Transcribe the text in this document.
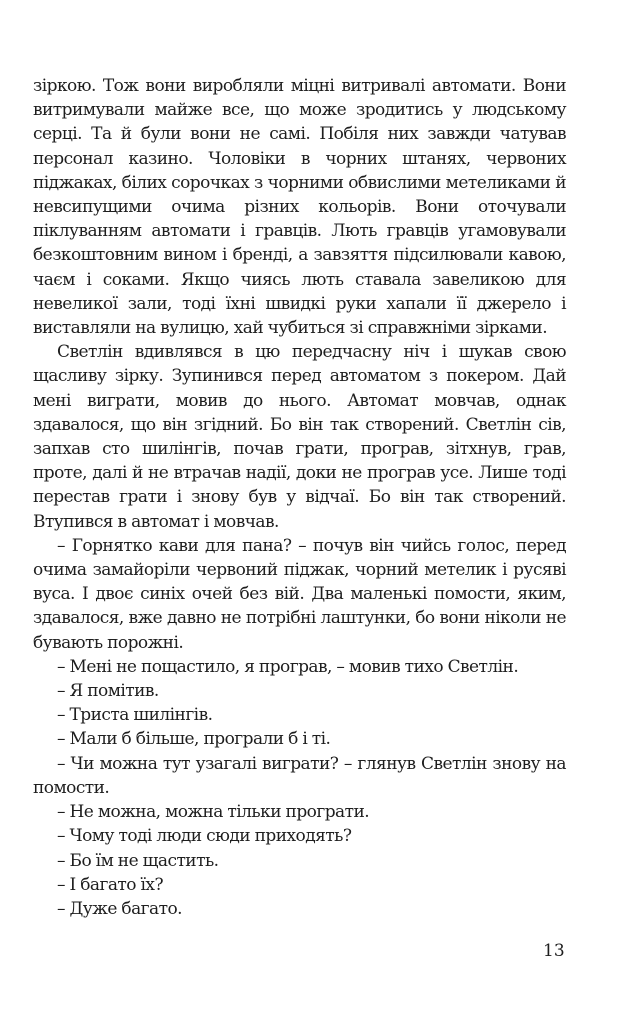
зіркою. Тож вони виробляли міцні витривалі автомати. Вони витримували майже все, що може зродитись у людському серці. Та й були вони не самі. Побіля них завжди чатував персонал казино. Чоловіки в чорних штанях, червоних піджаках, білих сорочках з чорними обвислими метеликами й невсипущими очима різних кольорів. Вони оточували піклуванням автомати і гравців. Лють гравців угамовували безкоштовним вином і бренді, а завзяття підсилювали кавою, чаєм і соками. Якщо чиясь лють ставала завеликою для невеликої зали, тоді їхні швидкі руки хапали її джерело і виставляли на вулицю, хай чубиться зі справжніми зірками.

Светлін вдивлявся в цю передчасну ніч і шукав свою щасливу зірку. Зупинився перед автоматом з покером. Дай мені виграти, мовив до нього. Автомат мовчав, однак здавалося, що він згідний. Бо він так створений. Светлін сів, запхав сто шилінгів, почав грати, програв, зітхнув, грав, проте, далі й не втрачав надії, доки не програв усе. Лише тоді перестав грати і знову був у відчаї. Бо він так створений. Втупився в автомат і мовчав.

– Горнятко кави для пана? – почув він чийсь голос, перед очима замайоріли червоний піджак, чорний метелик і русяві вуса. І двоє синіх очей без вій. Два маленькі помости, яким, здавалося, вже давно не потрібні лаштунки, бо вони ніколи не бувають порожні.

– Мені не пощастило, я програв, – мовив тихо Светлін.

– Я помітив.

– Триста шилінгів.

– Мали б більше, програли б і ті.

– Чи можна тут узагалі виграти? – глянув Светлін знову на помости.

– Не можна, можна тільки програти.

– Чому тоді люди сюди приходять?

– Бо їм не щастить.

– І багато їх?

– Дуже багато.

13
